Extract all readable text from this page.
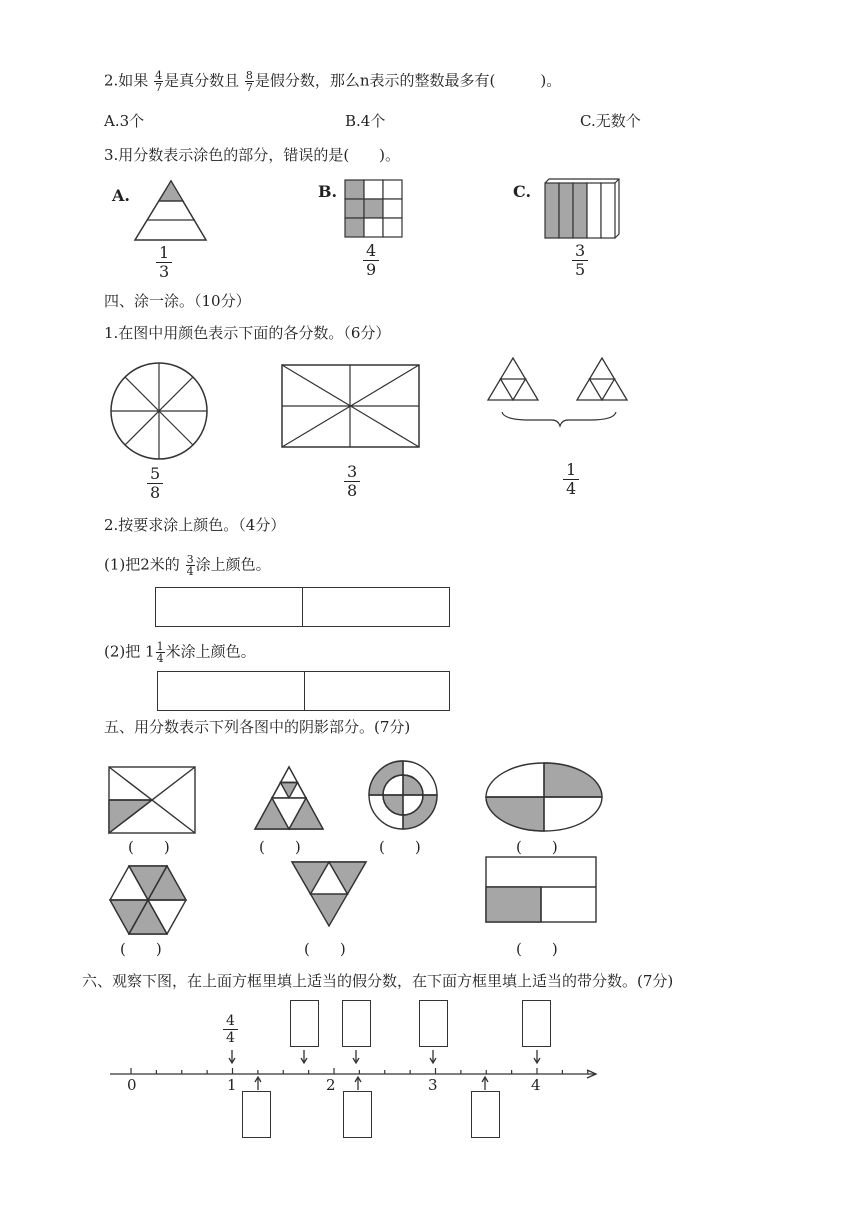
2.如果 $\frac{4}{7}$ 是真分数且 $\frac{8}{7}$ 是假分数，那么n表示的整数最多有(　　　)。
A.3个	B.4个	C.无数个
3.用分数表示涂色的部分，错误的是(　　)。
A.	B.	C.
1
3
4
9
3
5
四、涂一涂。（10分）
1.在图中用颜色表示下面的各分数。（6分）
5
8
3
8
1
4
2.按要求涂上颜色。（4分）
(1)把2米的 $\frac{3}{4}$ 涂上颜色。
(2)把 $1 \frac{1}{4}$ 米涂上颜色。
五、用分数表示下列各图中的阴影部分。(7分)
(　　)	(　　)	(　　)	(　　)
(　　)	(　　)	(　　)
六、观察下图，在上面方框里填上适当的假分数，在下面方框里填上适当的带分数。(7分)
4
4
0	1	2	3	4
